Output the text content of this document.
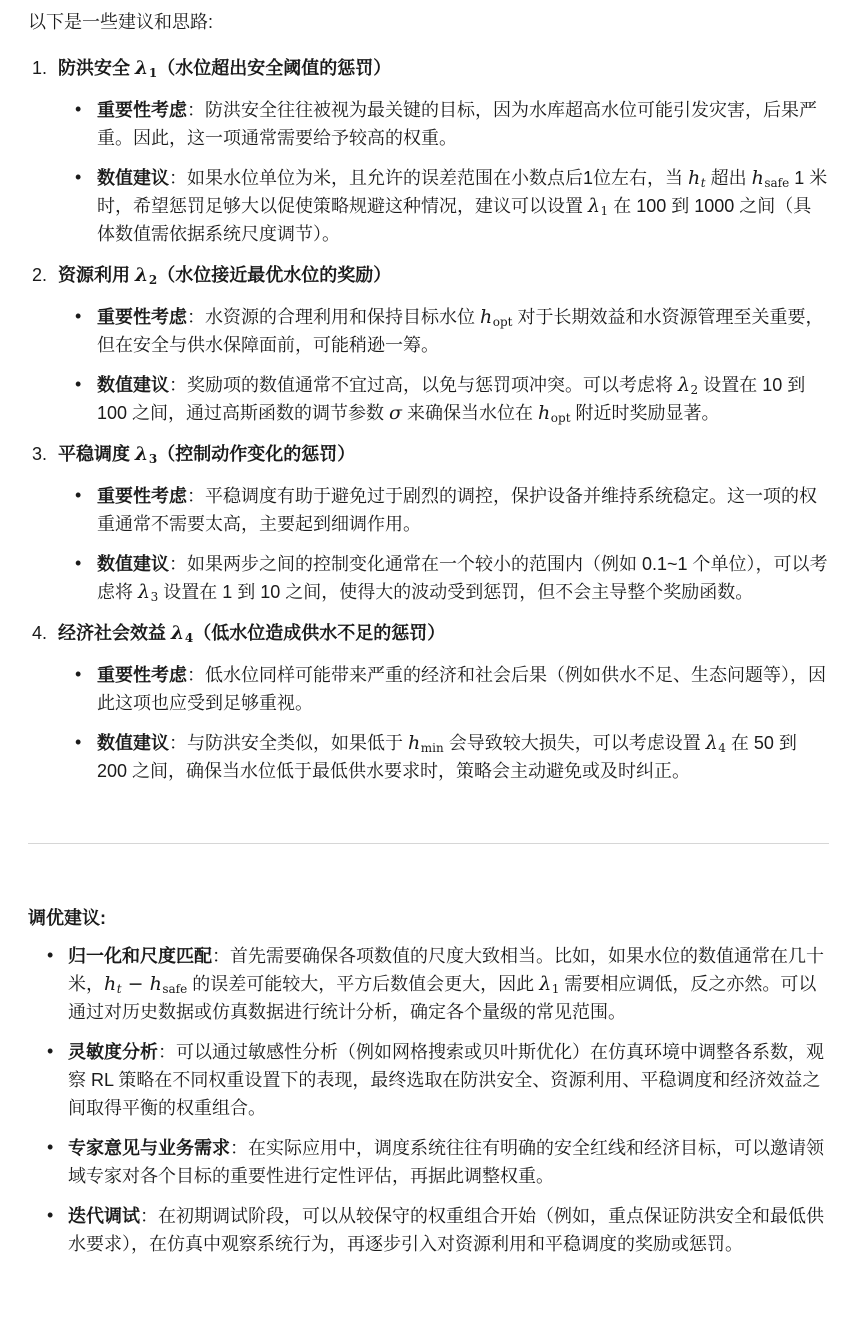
以下是一些建议和思路:

1. 防洪安全 λ1（水位超出安全阈值的惩罚）
• 重要性考虑：防洪安全往往被视为最关键的目标，因为水库超高水位可能引发灾害，后果严重。因此，这一项通常需要给予较高的权重。
• 数值建议：如果水位单位为米，且允许的误差范围在小数点后1位左右，当 ht 超出 hsafe 1 米时，希望惩罚足够大以促使策略规避这种情况，建议可以设置 λ1 在 100 到 1000 之间（具体数值需依据系统尺度调节）。
2. 资源利用 λ2（水位接近最优水位的奖励）
• 重要性考虑：水资源的合理利用和保持目标水位 hopt 对于长期效益和水资源管理至关重要，但在安全与供水保障面前，可能稍逊一筹。
• 数值建议：奖励项的数值通常不宜过高，以免与惩罚项冲突。可以考虑将 λ2 设置在 10 到 100 之间，通过高斯函数的调节参数 σ 来确保当水位在 hopt 附近时奖励显著。
3. 平稳调度 λ3（控制动作变化的惩罚）
• 重要性考虑：平稳调度有助于避免过于剧烈的调控，保护设备并维持系统稳定。这一项的权重通常不需要太高，主要起到细调作用。
• 数值建议：如果两步之间的控制变化通常在一个较小的范围内（例如 0.1~1 个单位），可以考虑将 λ3 设置在 1 到 10 之间，使得大的波动受到惩罚，但不会主导整个奖励函数。
4. 经济社会效益 λ4（低水位造成供水不足的惩罚）
• 重要性考虑：低水位同样可能带来严重的经济和社会后果（例如供水不足、生态问题等），因此这项也应受到足够重视。
• 数值建议：与防洪安全类似，如果低于 hmin 会导致较大损失，可以考虑设置 λ4 在 50 到 200 之间，确保当水位低于最低供水要求时，策略会主动避免或及时纠正。

调优建议:

• 归一化和尺度匹配：首先需要确保各项数值的尺度大致相当。比如，如果水位的数值通常在几十米，ht − hsafe 的误差可能较大，平方后数值会更大，因此 λ1 需要相应调低，反之亦然。可以通过对历史数据或仿真数据进行统计分析，确定各个量级的常见范围。
• 灵敏度分析：可以通过敏感性分析（例如网格搜索或贝叶斯优化）在仿真环境中调整各系数，观察 RL 策略在不同权重设置下的表现，最终选取在防洪安全、资源利用、平稳调度和经济效益之间取得平衡的权重组合。
• 专家意见与业务需求：在实际应用中，调度系统往往有明确的安全红线和经济目标，可以邀请领域专家对各个目标的重要性进行定性评估，再据此调整权重。
• 迭代调试：在初期调试阶段，可以从较保守的权重组合开始（例如，重点保证防洪安全和最低供水要求），在仿真中观察系统行为，再逐步引入对资源利用和平稳调度的奖励或惩罚。
